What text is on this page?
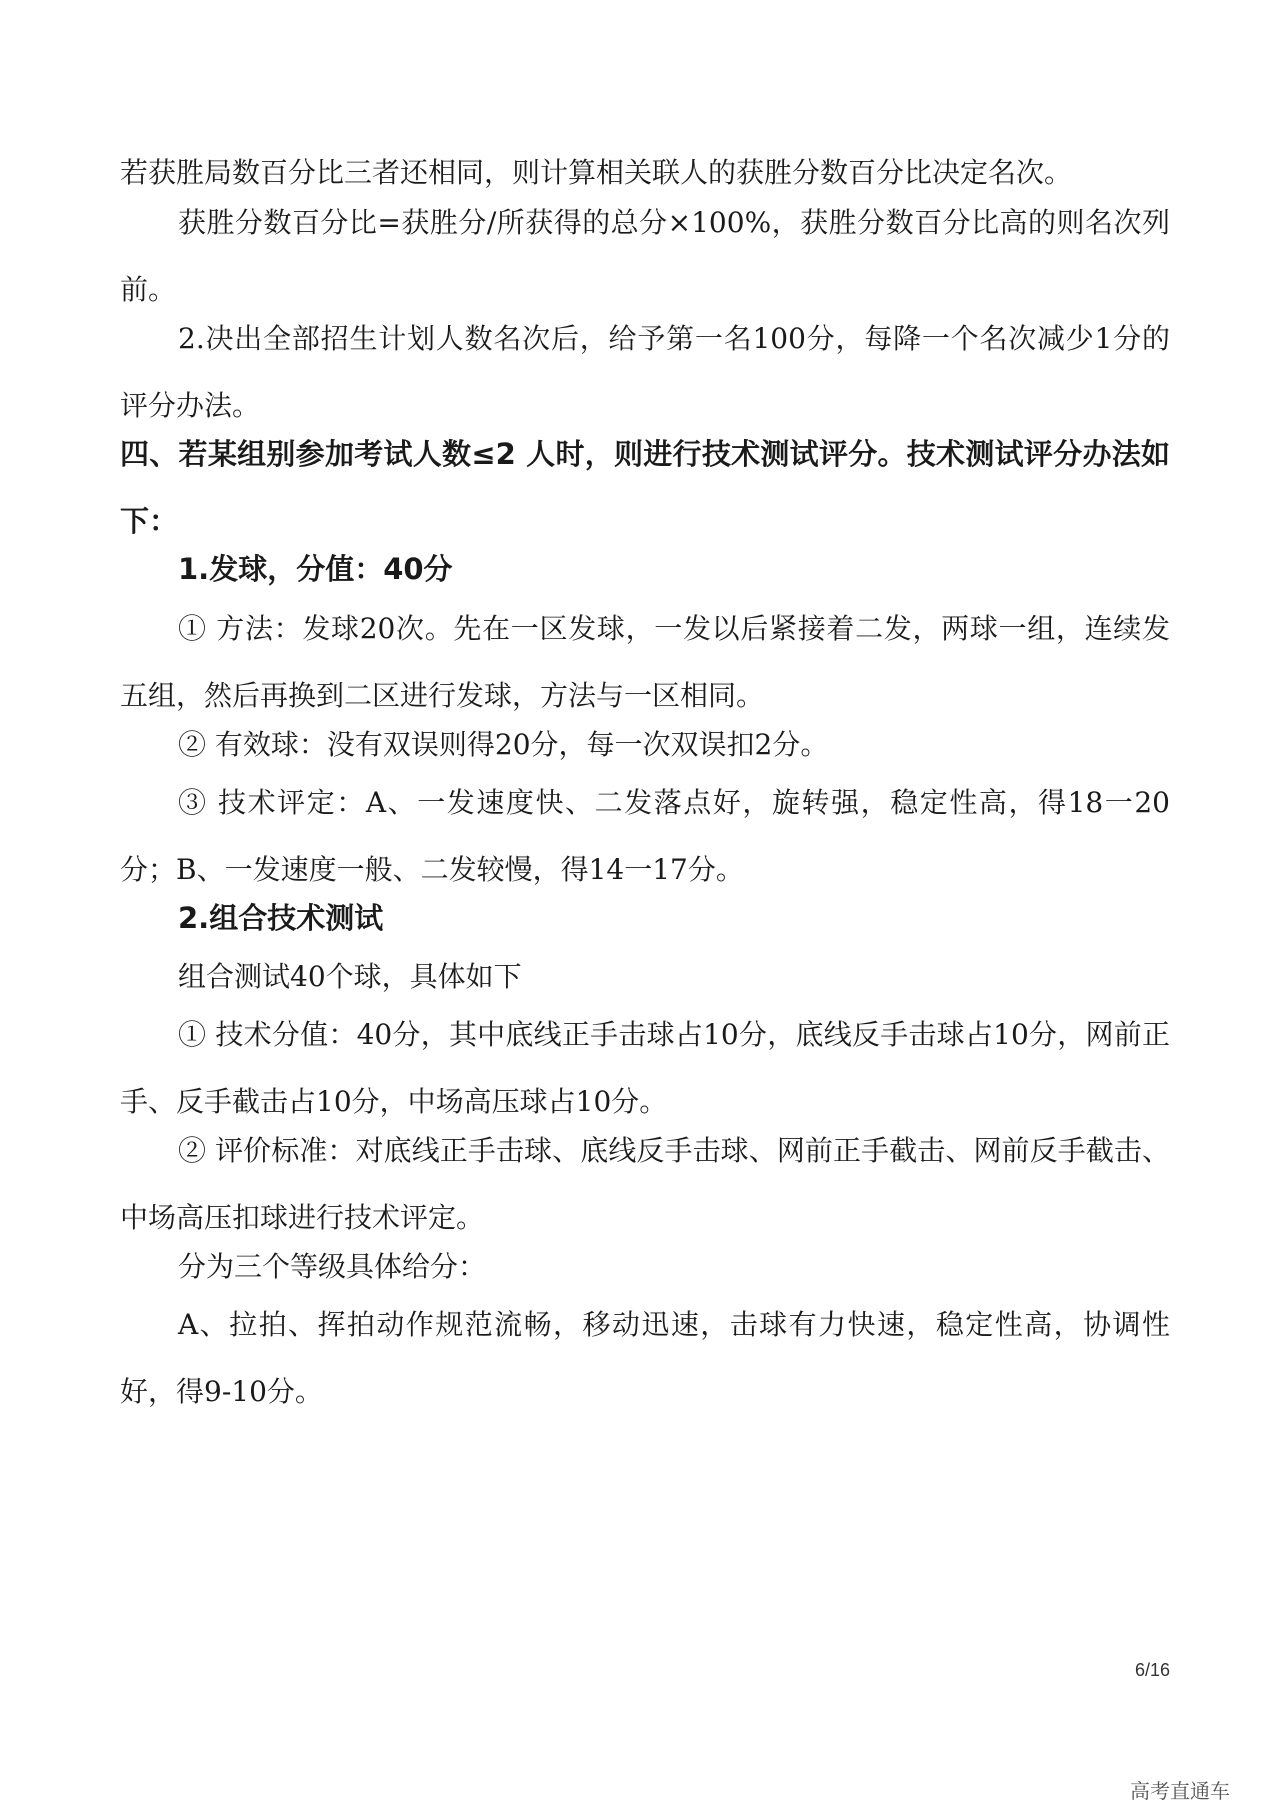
若获胜局数百分比三者还相同，则计算相关联人的获胜分数百分比决定名次。

获胜分数百分比=获胜分/所获得的总分×100%，获胜分数百分比高的则名次列前。

2.决出全部招生计划人数名次后，给予第一名100分，每降一个名次减少1分的评分办法。

四、若某组别参加考试人数≤2 人时，则进行技术测试评分。技术测试评分办法如下：

1.发球，分值：40分

① 方法：发球20次。先在一区发球，一发以后紧接着二发，两球一组，连续发五组，然后再换到二区进行发球，方法与一区相同。

② 有效球：没有双误则得20分，每一次双误扣2分。

③ 技术评定：A、一发速度快、二发落点好，旋转强，稳定性高，得18一20分；B、一发速度一般、二发较慢，得14一17分。

2.组合技术测试

组合测试40个球，具体如下

① 技术分值：40分，其中底线正手击球占10分，底线反手击球占10分，网前正手、反手截击占10分，中场高压球占10分。

② 评价标准：对底线正手击球、底线反手击球、网前正手截击、网前反手截击、中场高压扣球进行技术评定。

分为三个等级具体给分：

A、拉拍、挥拍动作规范流畅，移动迅速，击球有力快速，稳定性高，协调性好，得9-10分。

6/16
高考直通车
